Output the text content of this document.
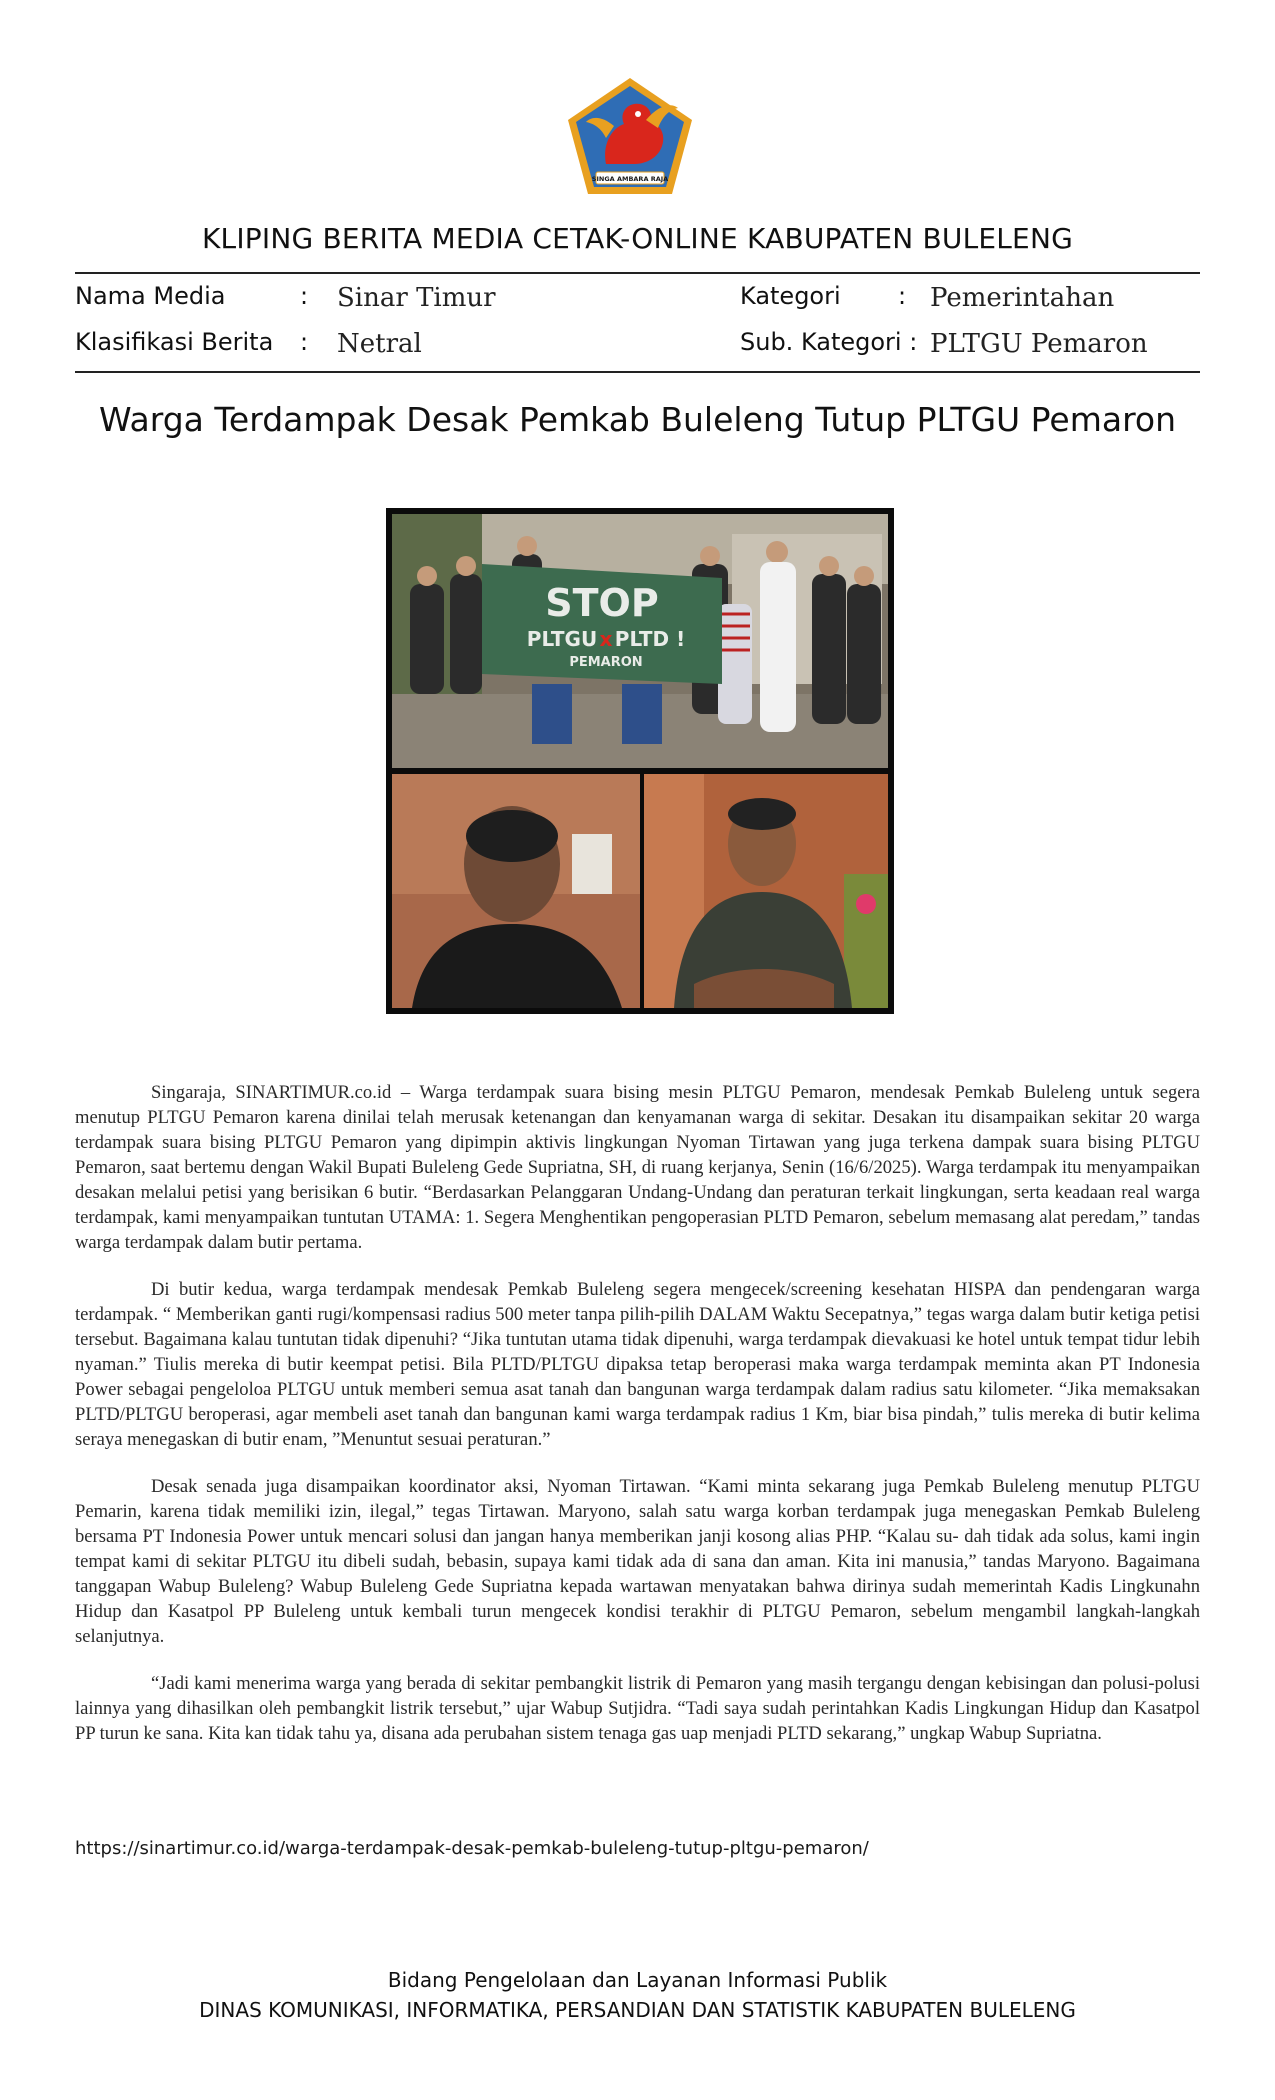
SINGA AMBARA RAJA
KLIPING BERITA MEDIA CETAK-ONLINE KABUPATEN BULELENG
Nama Media	: Sinar Timur	Kategori : Pemerintahan
Klasifikasi Berita : Netral	Sub. Kategori : PLTGU Pemaron
Warga Terdampak Desak Pemkab Buleleng Tutup PLTGU Pemaron
STOP
PLTGU x PLTD !
PEMARON

Singaraja, SINARTIMUR.co.id – Warga terdampak suara bising mesin PLTGU Pemaron, mendesak Pemkab Buleleng untuk segera menutup PLTGU Pemaron karena dinilai telah merusak ketenangan dan kenyamanan warga di sekitar. Desakan itu disampaikan sekitar 20 warga terdampak suara bising PLTGU Pemaron yang dipimpin aktivis lingkungan Nyoman Tirtawan yang juga terkena dampak suara bising PLTGU Pemaron, saat bertemu dengan Wakil Bupati Buleleng Gede Supriatna, SH, di ruang kerjanya, Senin (16/6/2025). Warga terdampak itu menyampaikan desakan melalui petisi yang berisikan 6 butir. “Berdasarkan Pelanggaran Undang-Undang dan peraturan terkait lingkungan, serta keadaan real warga terdampak, kami menyampaikan tuntutan UTAMA: 1. Segera Menghentikan pengoperasian PLTD Pemaron, sebelum memasang alat peredam,” tandas warga terdampak dalam butir pertama.

Di butir kedua, warga terdampak mendesak Pemkab Buleleng segera mengecek/screening kesehatan HISPA dan pendengaran warga terdampak. “ Memberikan ganti rugi/kompensasi radius 500 meter tanpa pilih-pilih DALAM Waktu Secepatnya,” tegas warga dalam butir ketiga petisi tersebut. Bagaimana kalau tuntutan tidak dipenuhi? “Jika tuntutan utama tidak dipenuhi, warga terdampak dievakuasi ke hotel untuk tempat tidur lebih nyaman.” Tiulis mereka di butir keempat petisi. Bila PLTD/PLTGU dipaksa tetap beroperasi maka warga terdampak meminta akan PT Indonesia Power sebagai pengeloloa PLTGU untuk memberi semua asat tanah dan bangunan warga terdampak dalam radius satu kilometer. “Jika memaksakan PLTD/PLTGU beroperasi, agar membeli aset tanah dan bangunan kami warga terdampak radius 1 Km, biar bisa pindah,” tulis mereka di butir kelima seraya menegaskan di butir enam, ”Menuntut sesuai peraturan.”

Desak senada juga disampaikan koordinator aksi, Nyoman Tirtawan. “Kami minta sekarang juga Pemkab Buleleng menutup PLTGU Pemarin, karena tidak memiliki izin, ilegal,” tegas Tirtawan. Maryono, salah satu warga korban terdampak juga menegaskan Pemkab Buleleng bersama PT Indonesia Power untuk mencari solusi dan jangan hanya memberikan janji kosong alias PHP. “Kalau su- dah tidak ada solus, kami ingin tempat kami di sekitar PLTGU itu dibeli sudah, bebasin, supaya kami tidak ada di sana dan aman. Kita ini manusia,” tandas Maryono. Bagaimana tanggapan Wabup Buleleng? Wabup Buleleng Gede Supriatna kepada wartawan menyatakan bahwa dirinya sudah memerintah Kadis Lingkunahn Hidup dan Kasatpol PP Buleleng untuk kembali turun mengecek kondisi terakhir di PLTGU Pemaron, sebelum mengambil langkah-langkah selanjutnya.

“Jadi kami menerima warga yang berada di sekitar pembangkit listrik di Pemaron yang masih tergangu dengan kebisingan dan polusi-polusi lainnya yang dihasilkan oleh pembangkit listrik tersebut,” ujar Wabup Sutjidra. “Tadi saya sudah perintahkan Kadis Lingkungan Hidup dan Kasatpol PP turun ke sana. Kita kan tidak tahu ya, disana ada perubahan sistem tenaga gas uap menjadi PLTD sekarang,” ungkap Wabup Supriatna.

https://sinartimur.co.id/warga-terdampak-desak-pemkab-buleleng-tutup-pltgu-pemaron/
Bidang Pengelolaan dan Layanan Informasi Publik
DINAS KOMUNIKASI, INFORMATIKA, PERSANDIAN DAN STATISTIK KABUPATEN BULELENG
